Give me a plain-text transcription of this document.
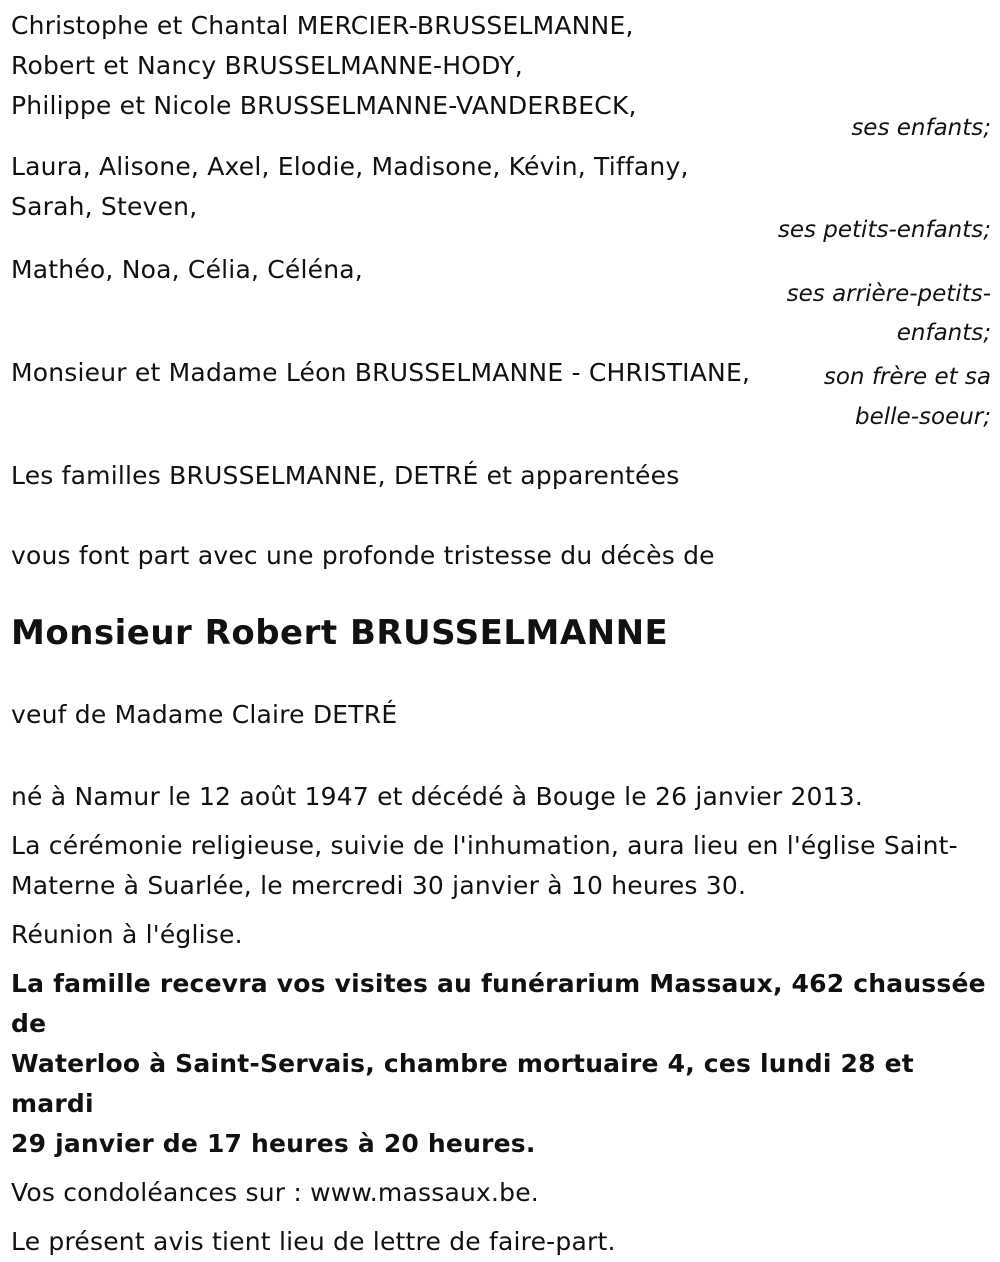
Christophe et Chantal MERCIER-BRUSSELMANNE,
Robert et Nancy BRUSSELMANNE-HODY,
Philippe et Nicole BRUSSELMANNE-VANDERBECK,
ses enfants;
Laura, Alisone, Axel, Elodie, Madisone, Kévin, Tiffany,
Sarah, Steven,
ses petits-enfants;
Mathéo, Noa, Célia, Céléna,
ses arrière-petits-
enfants;
Monsieur et Madame Léon BRUSSELMANNE - CHRISTIANE,	son frère et sa
belle-soeur;
Les familles BRUSSELMANNE, DETRÉ et apparentées
vous font part avec une profonde tristesse du décès de
Monsieur Robert BRUSSELMANNE
veuf de Madame Claire DETRÉ
né à Namur le 12 août 1947 et décédé à Bouge le 26 janvier 2013.
La cérémonie religieuse, suivie de l'inhumation, aura lieu en l'église Saint-
Materne à Suarlée, le mercredi 30 janvier à 10 heures 30.
Réunion à l'église.
La famille recevra vos visites au funérarium Massaux, 462 chaussée de
Waterloo à Saint-Servais, chambre mortuaire 4, ces lundi 28 et mardi
29 janvier de 17 heures à 20 heures.
Vos condoléances sur : www.massaux.be.
Le présent avis tient lieu de lettre de faire-part.
